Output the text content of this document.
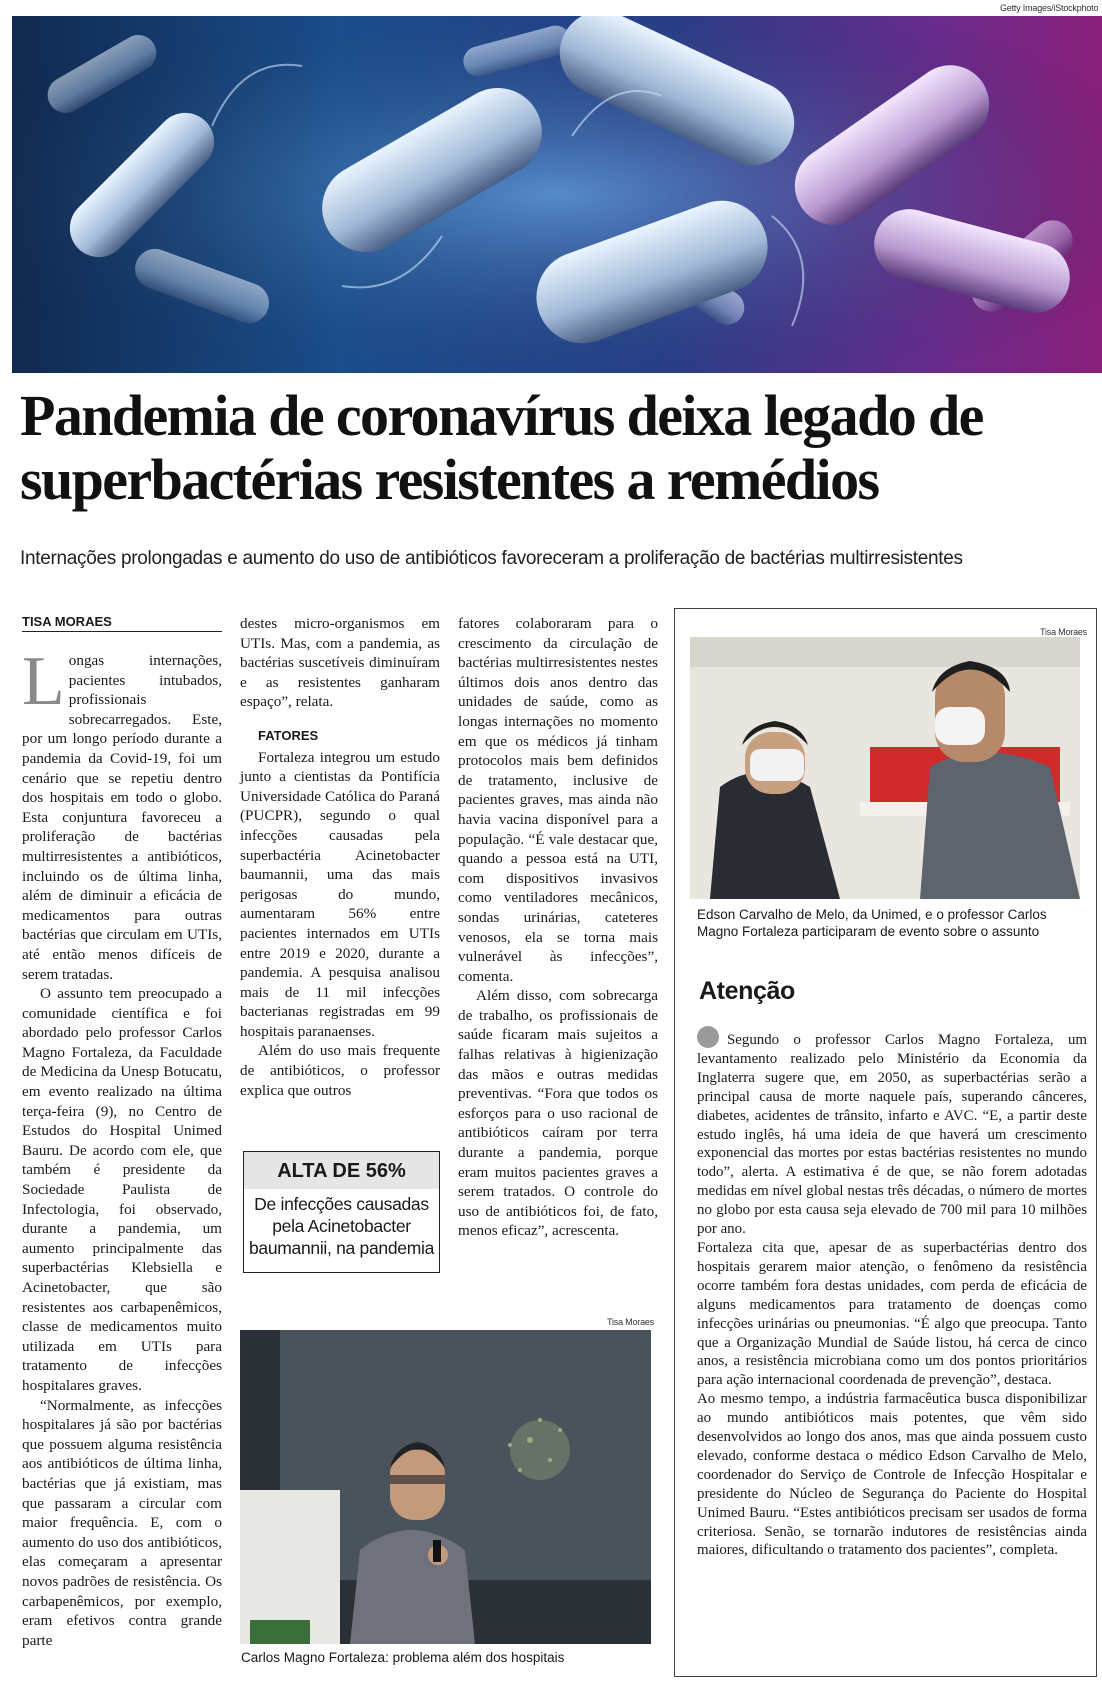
Getty Images/iStockphoto
Pandemia de coronavírus deixa legado de superbactérias resistentes a remédios
Internações prolongadas e aumento do uso de antibióticos favoreceram a proliferação de bactérias multirresistentes
TISA MORAES

Longas internações, pacientes intubados, profissionais sobrecarregados. Este, por um longo período durante a pandemia da Covid-19, foi um cenário que se repetiu dentro dos hospitais em todo o globo. Esta conjuntura favoreceu a proliferação de bactérias multirresistentes a antibióticos, incluindo os de última linha, além de diminuir a eficácia de medicamentos para outras bactérias que circulam em UTIs, até então menos difíceis de serem tratadas.

O assunto tem preocupado a comunidade científica e foi abordado pelo professor Carlos Magno Fortaleza, da Faculdade de Medicina da Unesp Botucatu, em evento realizado na última terça-feira (9), no Centro de Estudos do Hospital Unimed Bauru. De acordo com ele, que também é presidente da Sociedade Paulista de Infectologia, foi observado, durante a pandemia, um aumento principalmente das superbactérias Klebsiella e Acinetobacter, que são resistentes aos carbapenêmicos, classe de medicamentos muito utilizada em UTIs para tratamento de infecções hospitalares graves.

“Normalmente, as infecções hospitalares já são por bactérias que possuem alguma resistência aos antibióticos de última linha, bactérias que já existiam, mas que passaram a circular com maior frequência. E, com o aumento do uso dos antibióticos, elas começaram a apresentar novos padrões de resistência. Os carbapenêmicos, por exemplo, eram efetivos contra grande parte

destes micro-organismos em UTIs. Mas, com a pandemia, as bactérias suscetíveis diminuíram e as resistentes ganharam espaço”, relata.

FATORES

Fortaleza integrou um estudo junto a cientistas da Pontifícia Universidade Católica do Paraná (PUCPR), segundo o qual infecções causadas pela superbactéria Acinetobacter baumannii, uma das mais perigosas do mundo, aumentaram 56% entre pacientes internados em UTIs entre 2019 e 2020, durante a pandemia. A pesquisa analisou mais de 11 mil infecções bacterianas registradas em 99 hospitais paranaenses.

Além do uso mais frequente de antibióticos, o professor explica que outros

ALTA DE 56%
De infecções causadas pela Acinetobacter baumannii, na pandemia

fatores colaboraram para o crescimento da circulação de bactérias multirresistentes nestes últimos dois anos dentro das unidades de saúde, como as longas internações no momento em que os médicos já tinham protocolos mais bem definidos de tratamento, inclusive de pacientes graves, mas ainda não havia vacina disponível para a população. “É vale destacar que, quando a pessoa está na UTI, com dispositivos invasivos como ventiladores mecânicos, sondas urinárias, cateteres venosos, ela se torna mais vulnerável às infecções”, comenta.

Além disso, com sobrecarga de trabalho, os profissionais de saúde ficaram mais sujeitos a falhas relativas à higienização das mãos e outras medidas preventivas. “Fora que todos os esforços para o uso racional de antibióticos caíram por terra durante a pandemia, porque eram muitos pacientes graves a serem tratados. O controle do uso de antibióticos foi, de fato, menos eficaz”, acrescenta.

Tisa Moraes
Carlos Magno Fortaleza: problema além dos hospitais
Tisa Moraes
Edson Carvalho de Melo, da Unimed, e o professor Carlos Magno Fortaleza participaram de evento sobre o assunto
Atenção

Segundo o professor Carlos Magno Fortaleza, um levantamento realizado pelo Ministério da Economia da Inglaterra sugere que, em 2050, as superbactérias serão a principal causa de morte naquele país, superando cânceres, diabetes, acidentes de trânsito, infarto e AVC. “E, a partir deste estudo inglês, há uma ideia de que haverá um crescimento exponencial das mortes por estas bactérias resistentes no mundo todo”, alerta. A estimativa é de que, se não forem adotadas medidas em nível global nestas três décadas, o número de mortes no globo por esta causa seja elevado de 700 mil para 10 milhões por ano.

Fortaleza cita que, apesar de as superbactérias dentro dos hospitais gerarem maior atenção, o fenômeno da resistência ocorre também fora destas unidades, com perda de eficácia de alguns medicamentos para tratamento de doenças como infecções urinárias ou pneumonias. “É algo que preocupa. Tanto que a Organização Mundial de Saúde listou, há cerca de cinco anos, a resistência microbiana como um dos pontos prioritários para ação internacional coordenada de prevenção”, destaca.

Ao mesmo tempo, a indústria farmacêutica busca disponibilizar ao mundo antibióticos mais potentes, que vêm sido desenvolvidos ao longo dos anos, mas que ainda possuem custo elevado, conforme destaca o médico Edson Carvalho de Melo, coordenador do Serviço de Controle de Infecção Hospitalar e presidente do Núcleo de Segurança do Paciente do Hospital Unimed Bauru. “Estes antibióticos precisam ser usados de forma criteriosa. Senão, se tornarão indutores de resistências ainda maiores, dificultando o tratamento dos pacientes”, completa.
